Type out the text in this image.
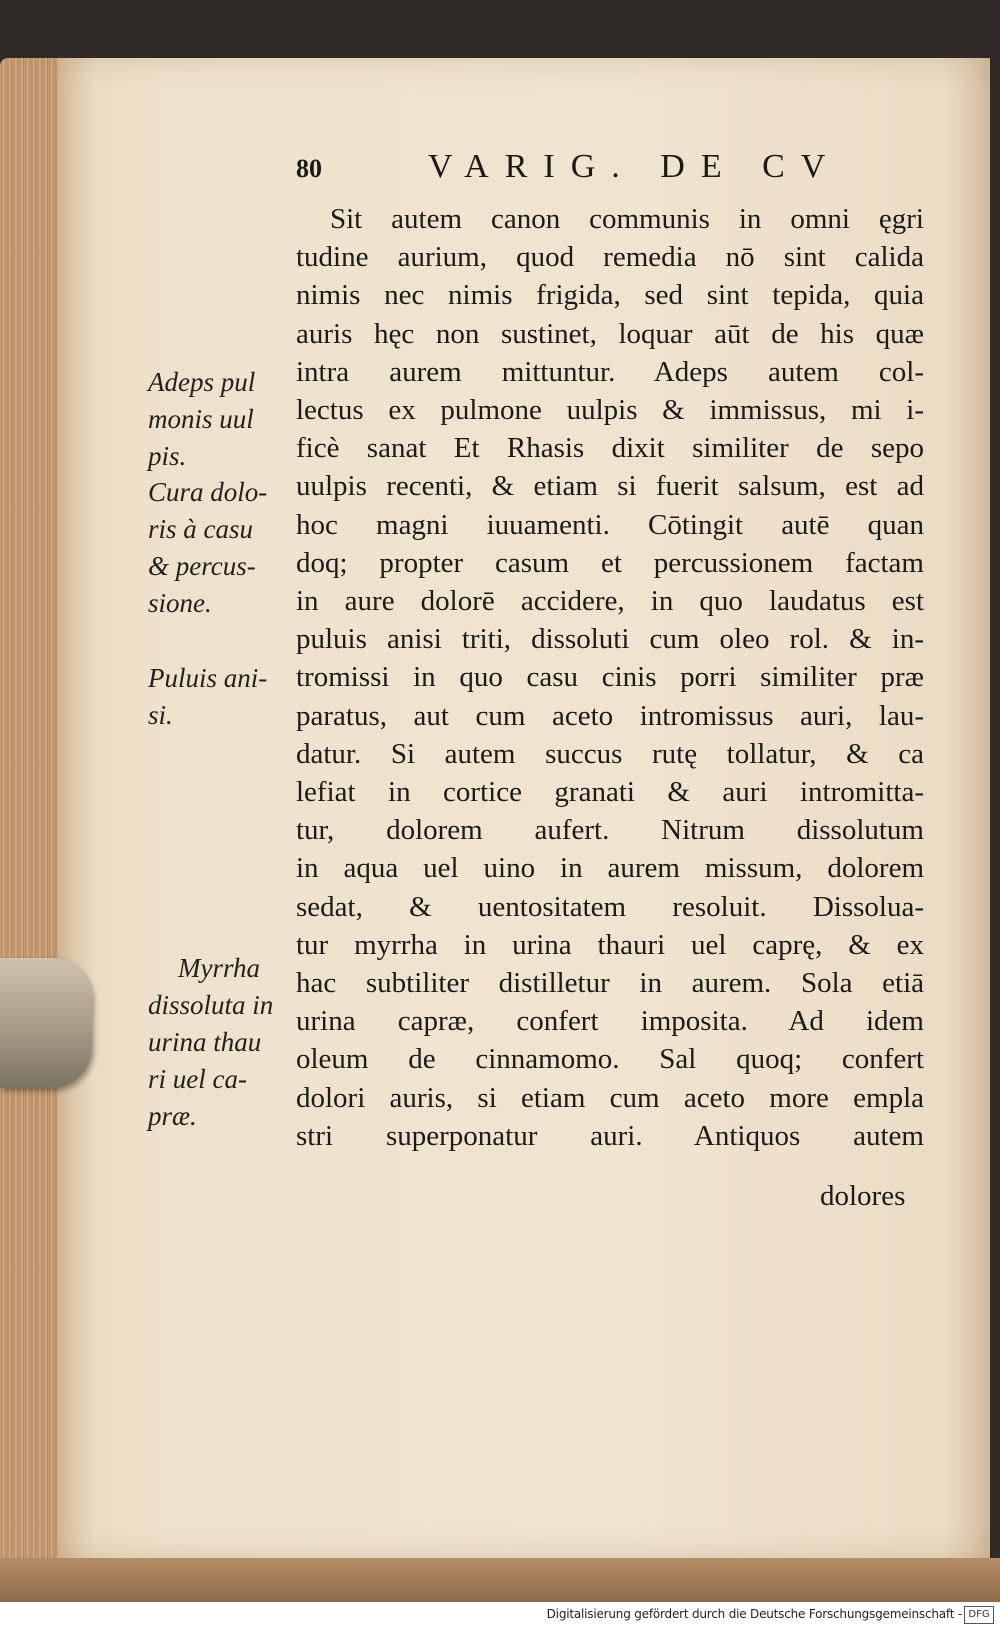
80	VARIG. DE CV
Sit autem canon communis in omni ęgri
tudine aurium, quod remedia nō sint calida
nimis nec nimis frigida, sed sint tepida, quia
auris hęc non sustinet, loquar aūt de his quæ
intra aurem mittuntur. Adeps autem col-
lectus ex pulmone uulpis & immissus, mi i-
ficè sanat Et Rhasis dixit similiter de sepo
uulpis recenti, & etiam si fuerit salsum, est ad
hoc magni iuuamenti. Cōtingit autē quan
doq; propter casum et percussionem factam
in aure dolorē accidere, in quo laudatus est
puluis anisi triti, dissoluti cum oleo rol. & in-
tromissi in quo casu cinis porri similiter præ
paratus, aut cum aceto intromissus auri, lau-
datur. Si autem succus rutę tollatur, & ca
lefiat in cortice granati & auri intromitta-
tur, dolorem aufert. Nitrum dissolutum
in aqua uel uino in aurem missum, dolorem
sedat, & uentositatem resoluit. Dissolua-
tur myrrha in urina thauri uel caprę, & ex
hac subtiliter distilletur in aurem. Sola etiā
urina capræ, confert imposita. Ad idem
oleum de cinnamomo. Sal quoq; confert
dolori auris, si etiam cum aceto more empla
stri superponatur auri. Antiquos autem
dolores
Adeps pul
monis uul
pis.
Cura dolo-
ris à casu
& percus-
sione.
Puluis ani-
si.
Myrrha
dissoluta in
urina thau
ri uel ca-
præ.
Digitalisierung gefördert durch die Deutsche Forschungsgemeinschaft - DFG
